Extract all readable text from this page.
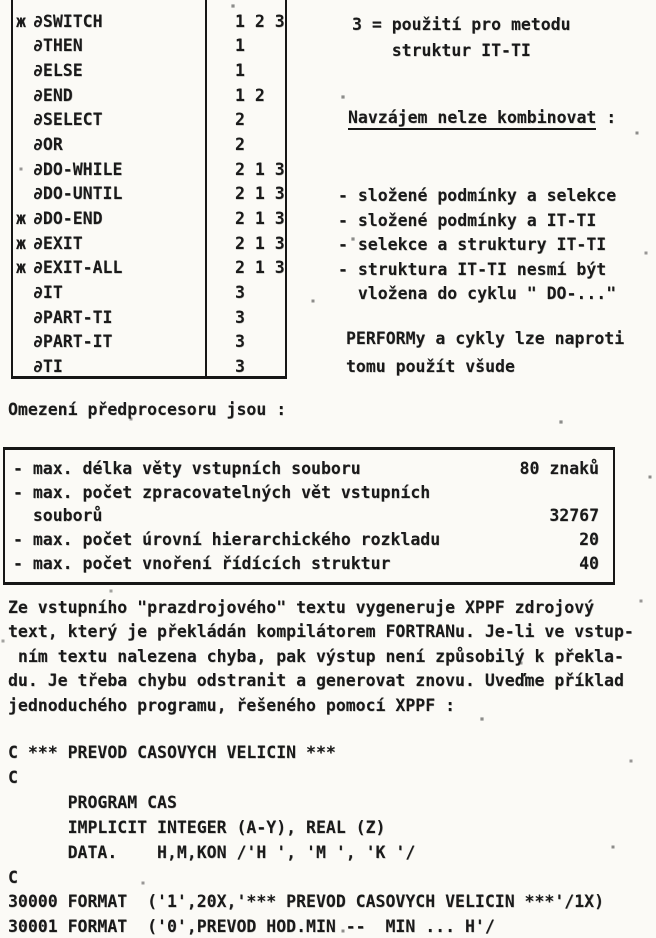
ж ∂SWITCH	1 2 3
∂THEN	1
∂ELSE	1
∂END	1 2
∂SELECT	2
∂OR	2
∂DO-WHILE	2 1 3
∂DO-UNTIL	2 1 3
ж ∂DO-END	2 1 3
ж ∂EXIT	2 1 3
ж ∂EXIT-ALL	2 1 3
∂IT	3
∂PART-TI	3
∂PART-IT	3
∂TI	3
3 = použití pro metodu
struktur IT-TI
Navzájem nelze kombinovat :
- složené podmínky a selekce
- složené podmínky a IT-TI
- selekce a struktury IT-TI
- struktura IT-TI nesmí být
vložena do cyklu " DO-..."
PERFORMy a cykly lze naproti
tomu použít všude
Omezení předprocesoru jsou :
- max. délka věty vstupních souboru	80 znaků
- max. počet zpracovatelných vět vstupních
souborů	32767
- max. počet úrovní hierarchického rozkladu	20
- max. počet vnoření řídících struktur	40
Ze vstupního "prazdrojového" textu vygeneruje XPPF zdrojový
text, který je překládán kompilátorem FORTRANu. Je-li ve vstup-
ním textu nalezena chyba, pak výstup není způsobilý k překla-
du. Je třeba chybu odstranit a generovat znovu. Uveďme příklad
jednoduchého programu, řešeného pomocí XPPF :
C *** PREVOD CASOVYCH VELICIN ***
C
PROGRAM CAS
IMPLICIT INTEGER (A-Y), REAL (Z)
DATA.    H,M,KON /'H ', 'M ', 'K '/
C
30000 FORMAT  ('1',20X,'*** PREVOD CASOVYCH VELICIN ***'/1X)
30001 FORMAT  ('0',PREVOD HOD.MIN --  MIN ... H'/
